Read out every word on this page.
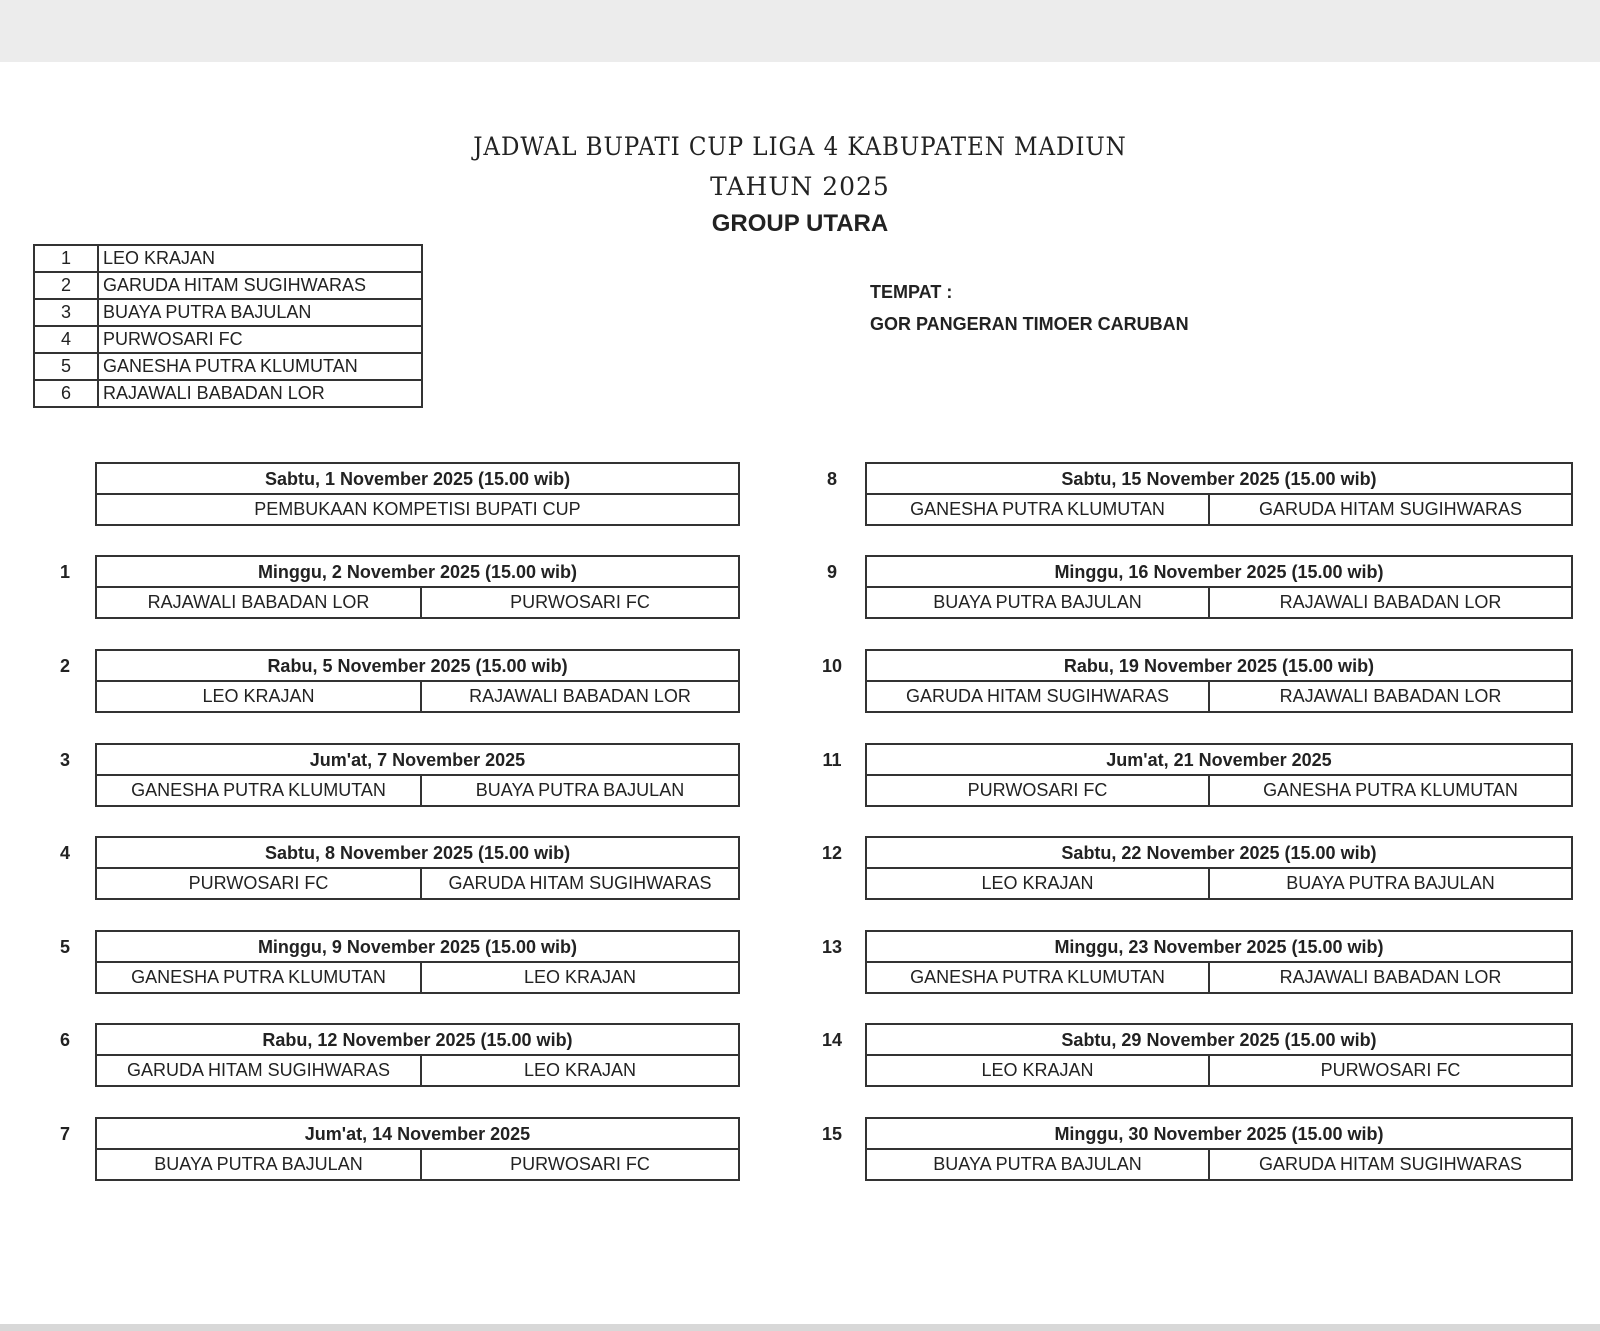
JADWAL BUPATI CUP LIGA 4 KABUPATEN MADIUN
TAHUN 2025
GROUP UTARA
1	LEO KRAJAN
2	GARUDA HITAM SUGIHWARAS
3	BUAYA PUTRA BAJULAN
4	PURWOSARI FC
5	GANESHA PUTRA KLUMUTAN
6	RAJAWALI BABADAN LOR
TEMPAT :
GOR PANGERAN TIMOER CARUBAN
Sabtu, 1 November 2025 (15.00 wib)
PEMBUKAAN KOMPETISI BUPATI CUP
1	Minggu, 2 November 2025 (15.00 wib)
RAJAWALI BABADAN LOR	PURWOSARI FC
2	Rabu, 5 November 2025 (15.00 wib)
LEO KRAJAN	RAJAWALI BABADAN LOR
3	Jum'at, 7 November 2025
GANESHA PUTRA KLUMUTAN	BUAYA PUTRA BAJULAN
4	Sabtu, 8 November 2025 (15.00 wib)
PURWOSARI FC	GARUDA HITAM SUGIHWARAS
5	Minggu, 9 November 2025 (15.00 wib)
GANESHA PUTRA KLUMUTAN	LEO KRAJAN
6	Rabu, 12 November 2025 (15.00 wib)
GARUDA HITAM SUGIHWARAS	LEO KRAJAN
7	Jum'at, 14 November 2025
BUAYA PUTRA BAJULAN	PURWOSARI FC
8	Sabtu, 15 November 2025 (15.00 wib)
GANESHA PUTRA KLUMUTAN	GARUDA HITAM SUGIHWARAS
9	Minggu, 16 November 2025 (15.00 wib)
BUAYA PUTRA BAJULAN	RAJAWALI BABADAN LOR
10	Rabu, 19 November 2025 (15.00 wib)
GARUDA HITAM SUGIHWARAS	RAJAWALI BABADAN LOR
11	Jum'at, 21 November 2025
PURWOSARI FC	GANESHA PUTRA KLUMUTAN
12	Sabtu, 22 November 2025 (15.00 wib)
LEO KRAJAN	BUAYA PUTRA BAJULAN
13	Minggu, 23 November 2025 (15.00 wib)
GANESHA PUTRA KLUMUTAN	RAJAWALI BABADAN LOR
14	Sabtu, 29 November 2025 (15.00 wib)
LEO KRAJAN	PURWOSARI FC
15	Minggu, 30 November 2025 (15.00 wib)
BUAYA PUTRA BAJULAN	GARUDA HITAM SUGIHWARAS
